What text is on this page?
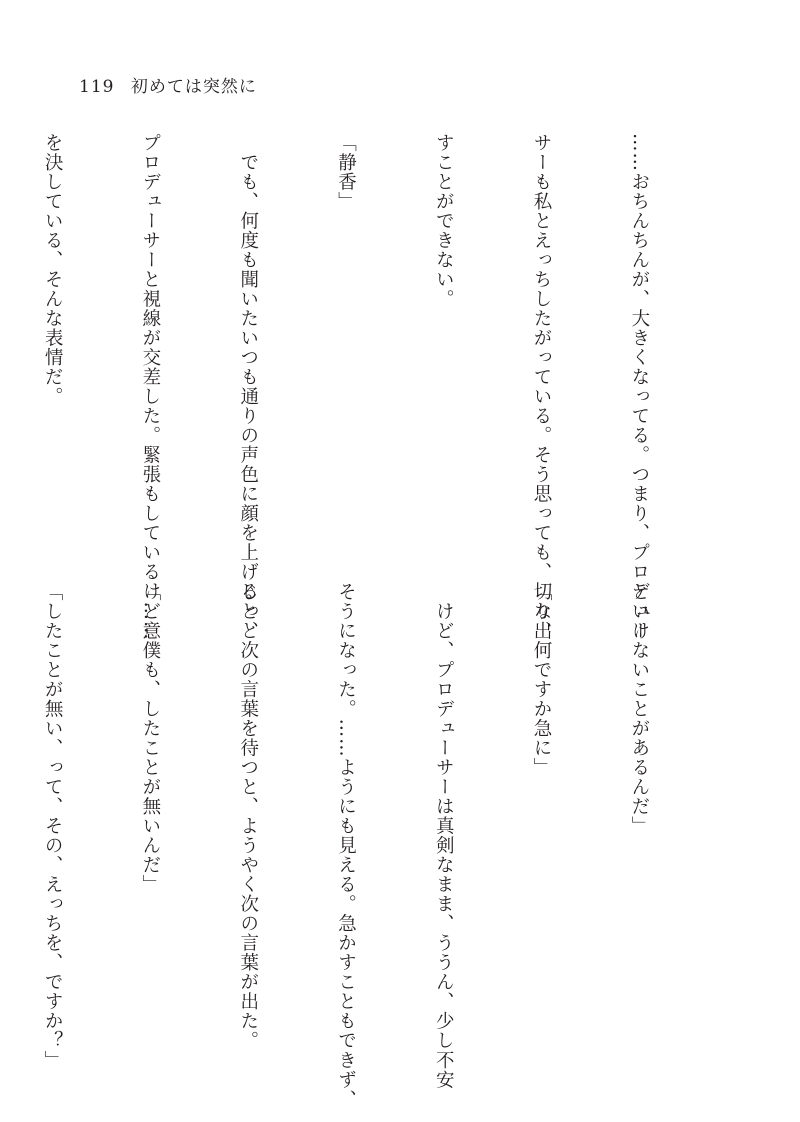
119 初めては突然に

……おちんちんが、大きくなってる。つまり、プロデュー

サーも私とえっちしたがっている。そう思っても、切り出

すことができない。

「静香」

　でも、何度も聞いたいつも通りの声色に顔を上げると、

プロデューサーと視線が交差した。緊張もしているけど意

を決している、そんな表情だ。

といけないことがあるんだ」

「な、何ですか急に」

　けど、プロデューサーは真剣なまま、ううん、少し不安

そうになった。……ようにも見える。急かすこともできず、

じっと次の言葉を待つと、ようやく次の言葉が出た。

「……僕も、したことが無いんだ」

「したことが無い、って、その、えっちを、ですか？」
